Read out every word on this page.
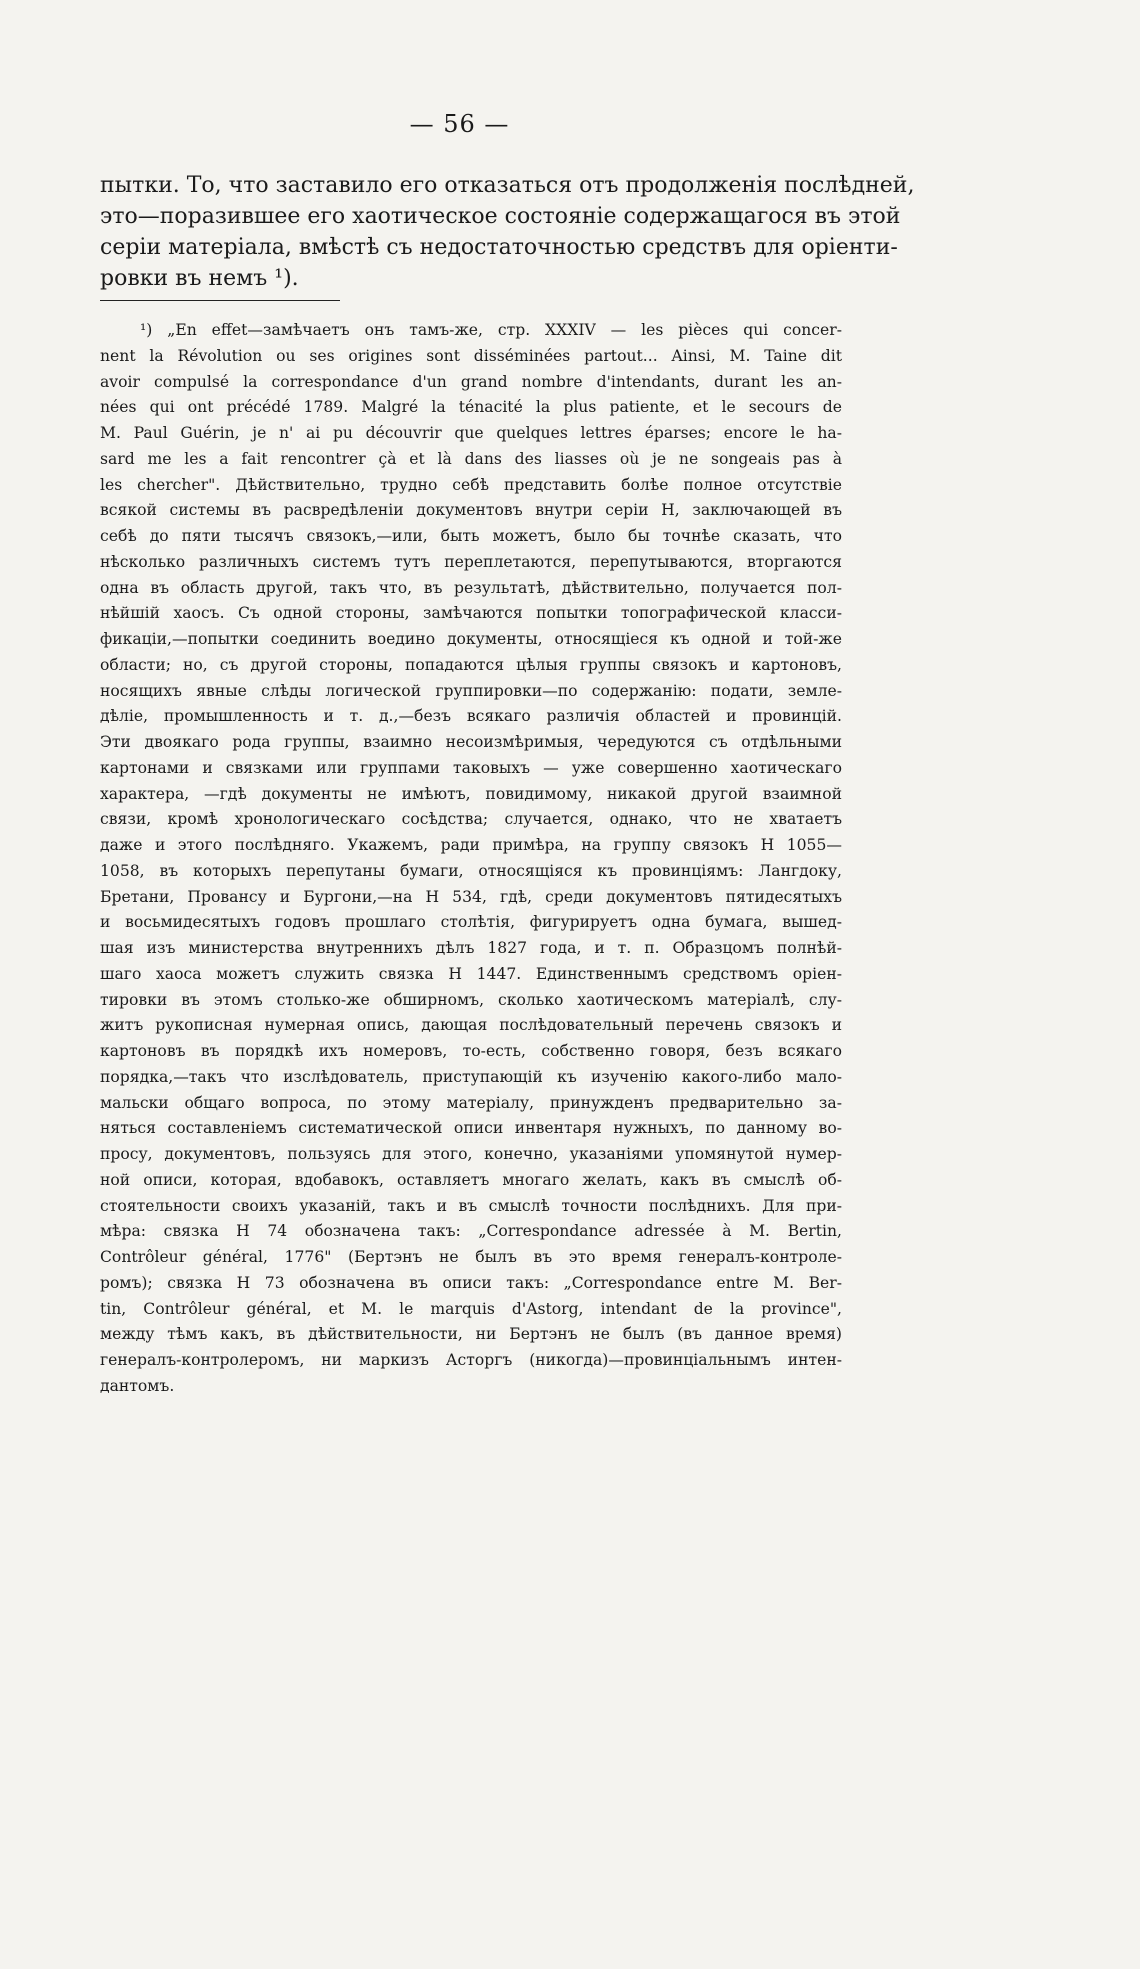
— 56 —
пытки. То, что заставило его отказаться отъ продолженія послѣдней,
это—поразившее его хаотическое состояніе содержащагося въ этой
серіи матеріала, вмѣстѣ съ недостаточностью средствъ для оріенти-
ровки въ немъ ¹).
¹) „En effet—замѣчаетъ онъ тамъ-же, стр. XXXIV — les pièces qui concer-
nent la Révolution ou ses origines sont disséminées partout... Ainsi, M. Taine dit
avoir compulsé la correspondance d'un grand nombre d'intendants, durant les an-
nées qui ont précédé 1789. Malgré la ténacité la plus patiente, et le secours de
M. Paul Guérin, je n' ai pu découvrir que quelques lettres éparses; encore le ha-
sard me les a fait rencontrer çà et là dans des liasses où je ne songeais pas à
les chercher". Дѣйствительно, трудно себѣ представить болѣе полное отсутствіе
всякой системы въ расвредѣленіи документовъ внутри серіи H, заключающей въ
себѣ до пяти тысячъ связокъ,—или, быть можетъ, было бы точнѣе сказать, что
нѣсколько различныхъ системъ тутъ переплетаются, перепутываются, вторгаются
одна въ область другой, такъ что, въ результатѣ, дѣйствительно, получается пол-
нѣйшій хаосъ. Съ одной стороны, замѣчаются попытки топографической класси-
фикаціи,—попытки соединить воедино документы, относящіеся къ одной и той-же
области; но, съ другой стороны, попадаются цѣлыя группы связокъ и картоновъ,
носящихъ явные слѣды логической группировки—по содержанію: подати, земле-
дѣліе, промышленность и т. д.,—безъ всякаго различія областей и провинцій.
Эти двоякаго рода группы, взаимно несоизмѣримыя, чередуются съ отдѣльными
картонами и связками или группами таковыхъ — уже совершенно хаотическаго
характера, —гдѣ документы не имѣютъ, повидимому, никакой другой взаимной
связи, кромѣ хронологическаго сосѣдства; случается, однако, что не хватаетъ
даже и этого послѣдняго. Укажемъ, ради примѣра, на группу связокъ H 1055—
1058, въ которыхъ перепутаны бумаги, относящіяся къ провинціямъ: Лангдоку,
Бретани, Провансу и Бургони,—на H 534, гдѣ, среди документовъ пятидесятыхъ
и восьмидесятыхъ годовъ прошлаго столѣтія, фигурируетъ одна бумага, вышед-
шая изъ министерства внутреннихъ дѣлъ 1827 года, и т. п. Образцомъ полнѣй-
шаго хаоса можетъ служить связка H 1447. Единственнымъ средствомъ оріен-
тировки въ этомъ столько-же обширномъ, сколько хаотическомъ матеріалѣ, слу-
житъ рукописная нумерная опись, дающая послѣдовательный перечень связокъ и
картоновъ въ порядкѣ ихъ номеровъ, то-есть, собственно говоря, безъ всякаго
порядка,—такъ что изслѣдователь, приступающій къ изученію какого-либо мало-
мальски общаго вопроса, по этому матеріалу, принужденъ предварительно за-
няться составленіемъ систематической описи инвентаря нужныхъ, по данному во-
просу, документовъ, пользуясь для этого, конечно, указаніями упомянутой нумер-
ной описи, которая, вдобавокъ, оставляетъ многаго желать, какъ въ смыслѣ об-
стоятельности своихъ указаній, такъ и въ смыслѣ точности послѣднихъ. Для при-
мѣра: связка H 74 обозначена такъ: „Correspondance adressée à M. Bertin,
Contrôleur général, 1776" (Бертэнъ не былъ въ это время генералъ-контроле-
ромъ); связка H 73 обозначена въ описи такъ: „Correspondance entre M. Ber-
tin, Contrôleur général, et M. le marquis d'Astorg, intendant de la province",
между тѣмъ какъ, въ дѣйствительности, ни Бертэнъ не былъ (въ данное время)
генералъ-контролеромъ, ни маркизъ Асторгъ (никогда)—провинціальнымъ интен-
дантомъ.
